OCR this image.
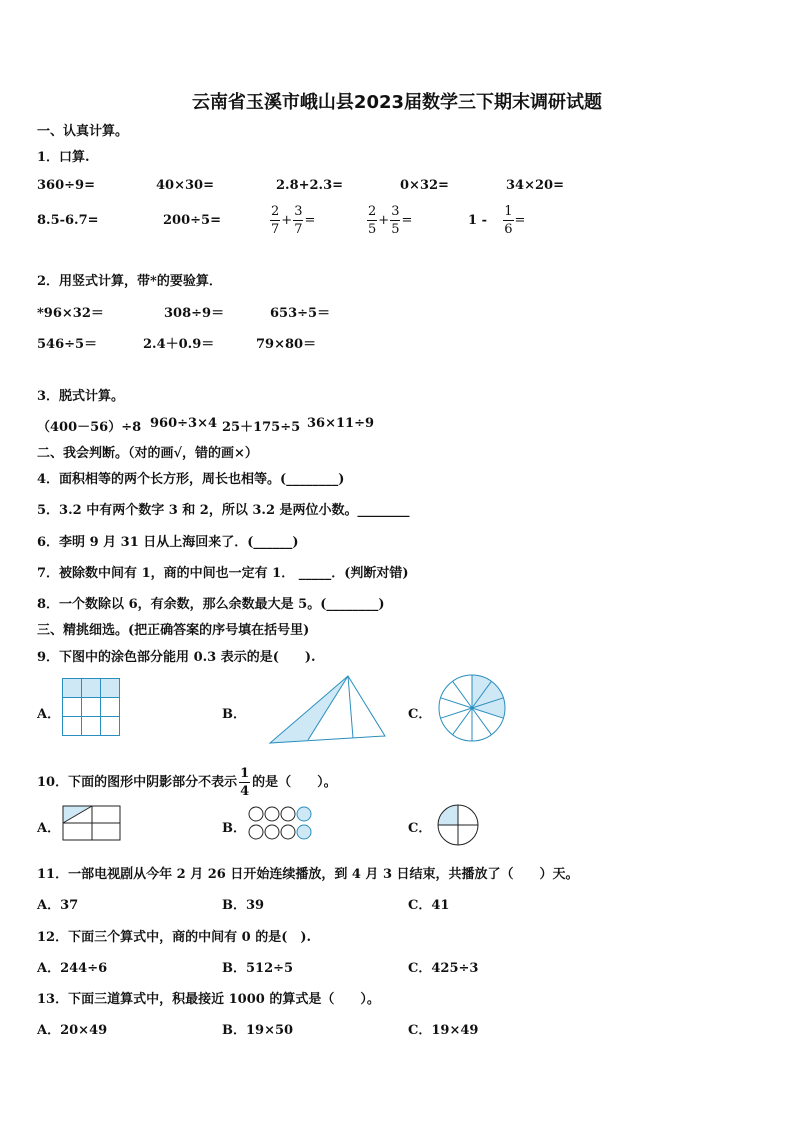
云南省玉溪市峨山县2023届数学三下期末调研试题
一、认真计算。
1．口算.
360÷9=	40×30=	2.8+2.3=	0×32=	34×20=
8.5-6.7=	200÷5=	$\frac{2}{7} + \frac{3}{7}$ =	$\frac{2}{5} + \frac{3}{5}$ =	$1 - \frac{1}{6}$ =
2．用竖式计算，带*的要验算．
*96×32＝	308÷9＝	653÷5＝
546÷5＝	2.4＋0.9＝	79×80＝
3．脱式计算。
（400－56）÷8 960÷3×4 25＋175÷5 36×11÷9
二、我会判断。（对的画√，错的画×）
4．面积相等的两个长方形，周长也相等。(________)
5．3.2 中有两个数字 3 和 2，所以 3.2 是两位小数。________
6．李明 9 月 31 日从上海回来了．(______)
7．被除数中间有 1，商的中间也一定有 1． _____．(判断对错)
8．一个数除以 6，有余数，那么余数最大是 5。(________)
三、精挑细选。(把正确答案的序号填在括号里)
9．下图中的涂色部分能用 0.3 表示的是(　　).
A．	B．	C．
10．下面的图形中阴影部分不表示 $\frac{1}{4}$ 的是（　　）。
A．	B．	C．
11．一部电视剧从今年 2 月 26 日开始连续播放，到 4 月 3 日结束，共播放了（　　）天。
A．37	B．39	C．41
12．下面三个算式中，商的中间有 0 的是(　).
A．244÷6	B．512÷5	C．425÷3
13．下面三道算式中，积最接近 1000 的算式是（　　）。
A．20×49	B．19×50	C．19×49
